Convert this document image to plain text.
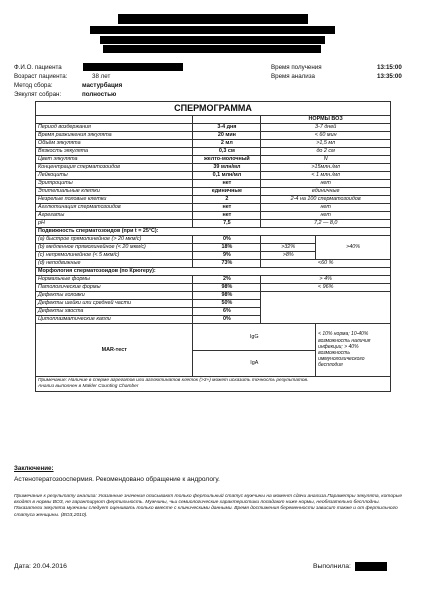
Ф.И.О. пациента
Возраст пациента:	38 лет
Метод сбора:	мастурбация
Эякулят собран:	полностью
Время получения	13:15:00
Время анализа	13:35:00
СПЕРМОГРАММА			
		НОРМЫ ВОЗ	
Период воздержания	3-4 дня	3-7 дней	
Время разжижения эякулята	20 мин	< 60 мин	
Объём эякулята	2 мл	>1,5 мл	
Вязкость эякулята	0,3 см	до 2 см	
Цвет эякулята	желто-молочный	N	
Концентрация сперматозоидов	39 млн/мл	>15млн./мл	
Лейкоциты	0,1 млн/мл	< 1 млн./мл	
Эритроциты	нет	нет	
Эпителиальные клетки	единичные	единичные	
Незрелые половые клетки	2	2-4 на 100 сперматозоидов	
Агглютинация сперматозоидов	нет	нет	
Агрегаты	нет	нет	
pH	7,5	7,2 — 8,0	
Подвижность сперматозоидов (при t = 25°C):			
(а) быстрое прямолинейное (> 20 мкм/с)	0%		>40%
(b) медленное прямолинейное (< 20 мкм/с)	18%	>32%	
(c) непрямолинейное (< 5 мкм/с)	9%	>8%	
(d) неподвижные	73%	<60 %	
Морфология сперматозоидов (по Крюгеру):			
Нормальные формы	2%	> 4%	
Патологические формы	98%	< 96%	
Дефекты головки	98%		
Дефекты шейки или средней части	50%		
Дефекты хвоста	6%		
Цитоплазматические капли	0%		
MAR-тест	IgG		< 10% норма; 10-40% возможность наличия инфекции; > 40% возможность иммунологического бесплодия
	IgA		

Примечание: Наличие в сперме агрегатов или агглютинатов клеток (>3+) может исказить точность результатов.
Анализ выполнен в Makler Counting Chamber			
Заключение:
Астенотератозооспермия. Рекомендовано обращение к андрологу.
Примечание к результату анализа: Указанные значения описывают только фертильный статус мужчины на момент сдачи анализа.Параметры эякулята, которые входят в нормы ВОЗ, не гарантируют фертильность. Мужчины, чьи семиологические характеристики попадают ниже нормы, необязательно бесплодны. Показатели эякулята мужчины следует оценивать только вместе с клиническими данными. Время достижения беременности зависит также и от фертильного статуса женщины. (ВОЗ,2010).
Дата: 20.04.2016	Выполнила:
